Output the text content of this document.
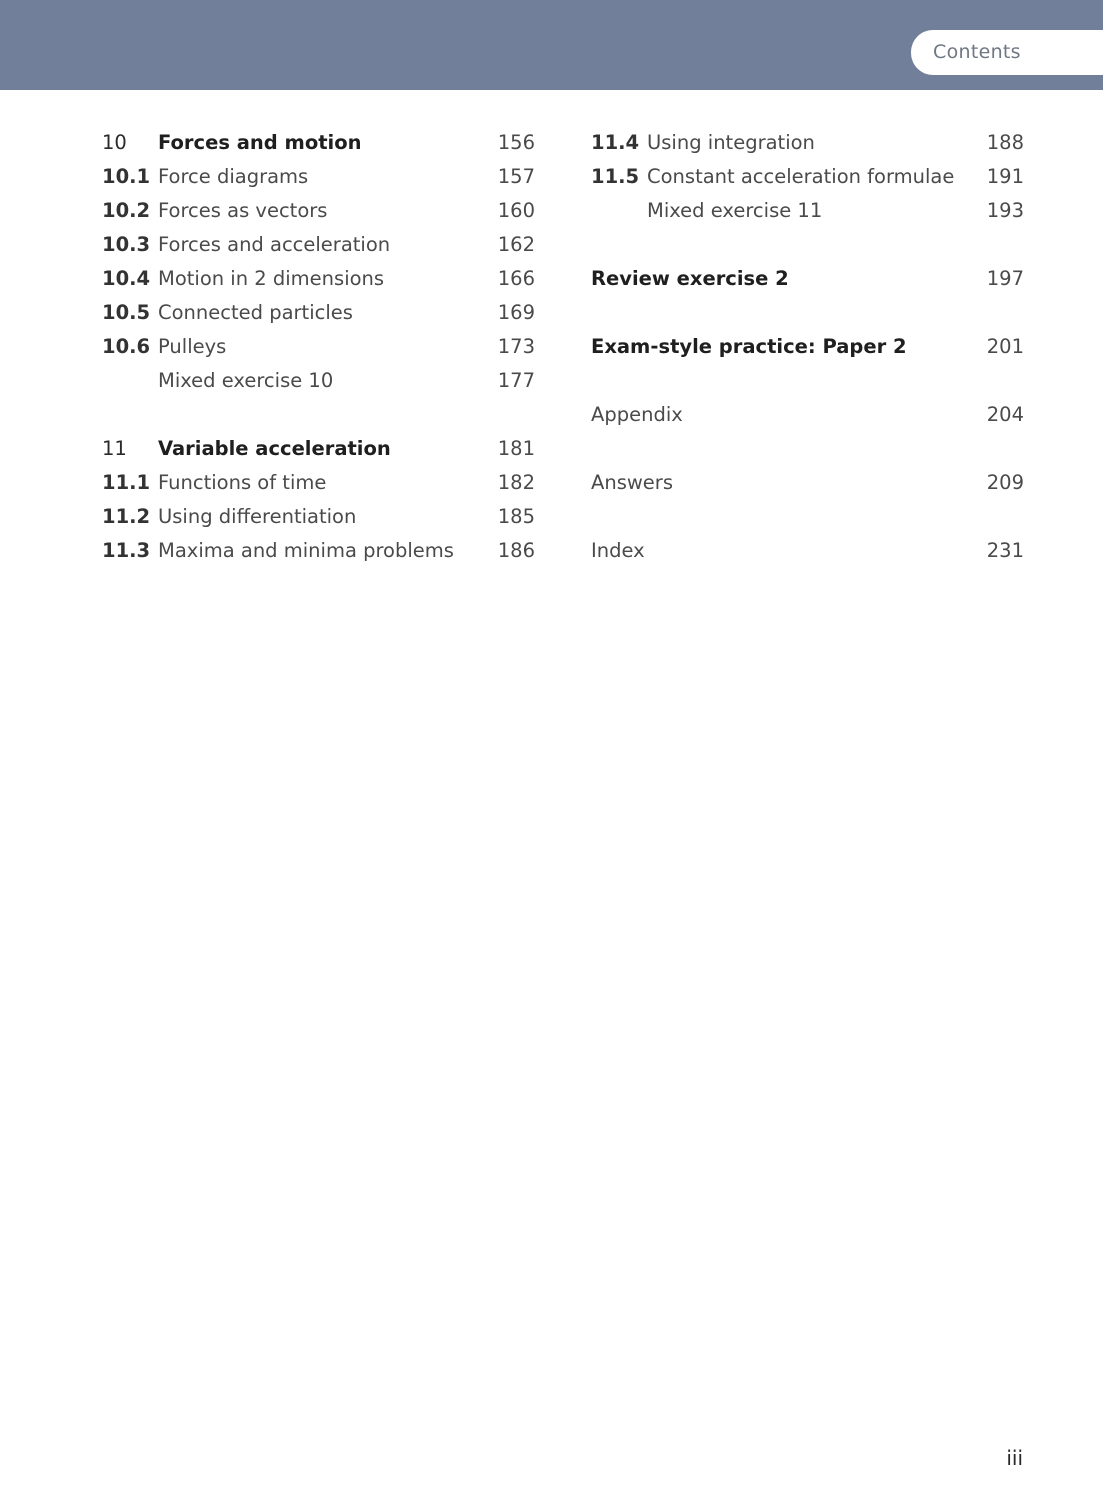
Contents
10 Forces and motion	156
10.1 Force diagrams	157
10.2 Forces as vectors	160
10.3 Forces and acceleration	162
10.4 Motion in 2 dimensions	166
10.5 Connected particles	169
10.6 Pulleys	173
Mixed exercise 10	177
11 Variable acceleration	181
11.1 Functions of time	182
11.2 Using differentiation	185
11.3 Maxima and minima problems 186
11.4 Using integration	188
11.5 Constant acceleration formulae 191
Mixed exercise 11	193
Review exercise 2	197
Exam-style practice: Paper 2	201
Appendix	204
Answers	209
Index	231
iii
